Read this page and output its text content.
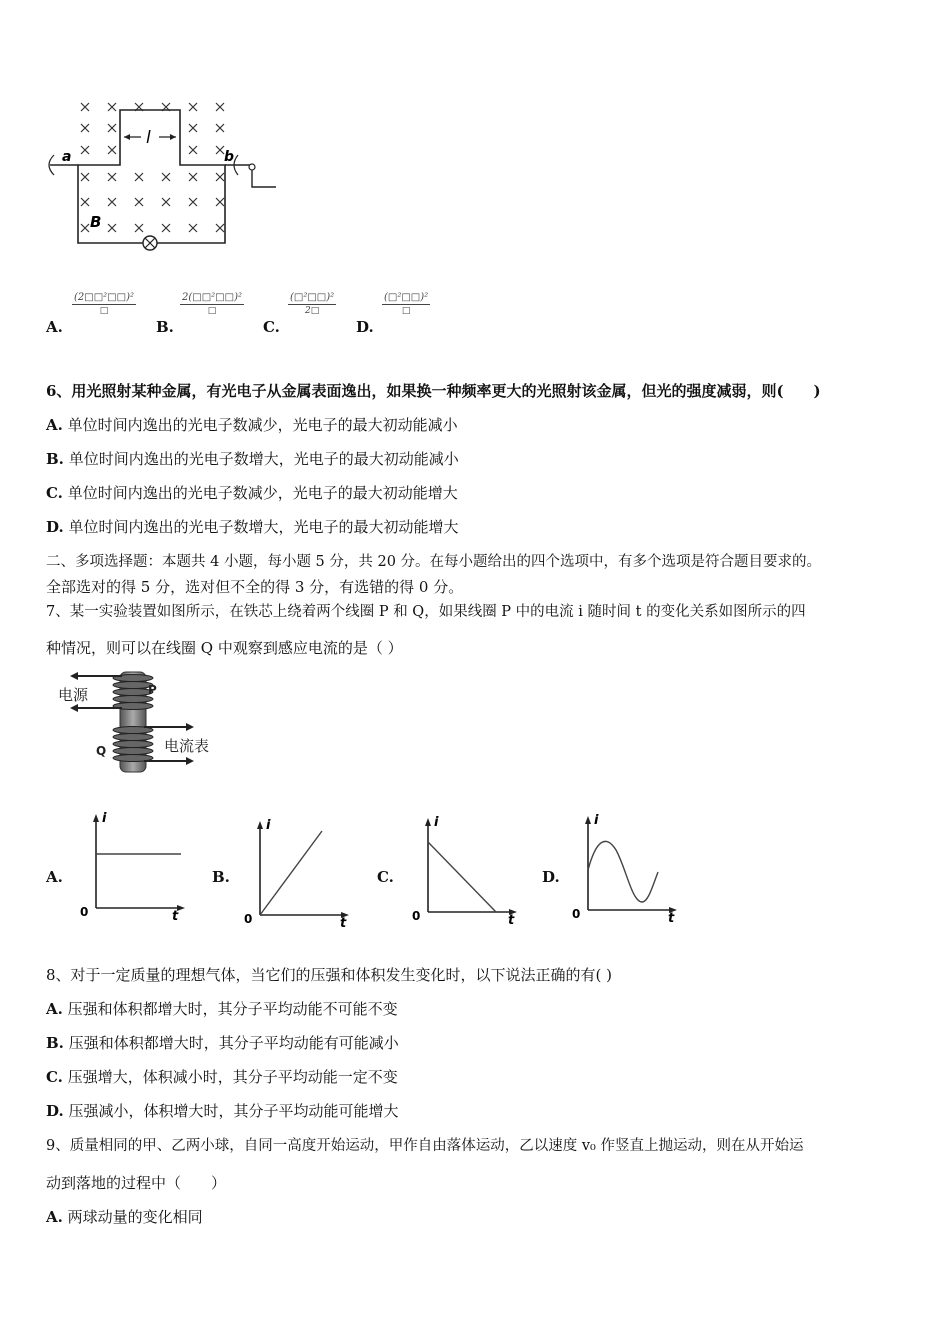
l
a	b
B
A.
(2□□²□□)²
□
B.
2(□□²□□)²
□
C.
(□²□□)²
2□
D.
(□²□□)²
□
6、用光照射某种金属，有光电子从金属表面逸出，如果换一种频率更大的光照射该金属，但光的强度减弱，则(　　)
A. 单位时间内逸出的光电子数减少，光电子的最大初动能减小
B. 单位时间内逸出的光电子数增大，光电子的最大初动能减小
C. 单位时间内逸出的光电子数减少，光电子的最大初动能增大
D. 单位时间内逸出的光电子数增大，光电子的最大初动能增大
二、多项选择题：本题共 4 小题，每小题 5 分，共 20 分。在每小题给出的四个选项中，有多个选项是符合题目要求的。
全部选对的得 5 分，选对但不全的得 3 分，有选错的得 0 分。
7、某一实验装置如图所示，在铁芯上绕着两个线圈 P 和 Q，如果线圈 P 中的电流 i 随时间 t 的变化关系如图所示的四
种情况，则可以在线圈 Q 中观察到感应电流的是（ ）
电源
电流表
P
Q
A.
i
t
0
B.
i
t
0
C.
i
t
0
D.
i
t
0
8、对于一定质量的理想气体，当它们的压强和体积发生变化时，以下说法正确的有( )
A. 压强和体积都增大时，其分子平均动能不可能不变
B. 压强和体积都增大时，其分子平均动能有可能减小
C. 压强增大，体积减小时，其分子平均动能一定不变
D. 压强减小，体积增大时，其分子平均动能可能增大
9、质量相同的甲、乙两小球，自同一高度开始运动，甲作自由落体运动，乙以速度 v₀ 作竖直上抛运动，则在从开始运
动到落地的过程中（　　）
A. 两球动量的变化相同
